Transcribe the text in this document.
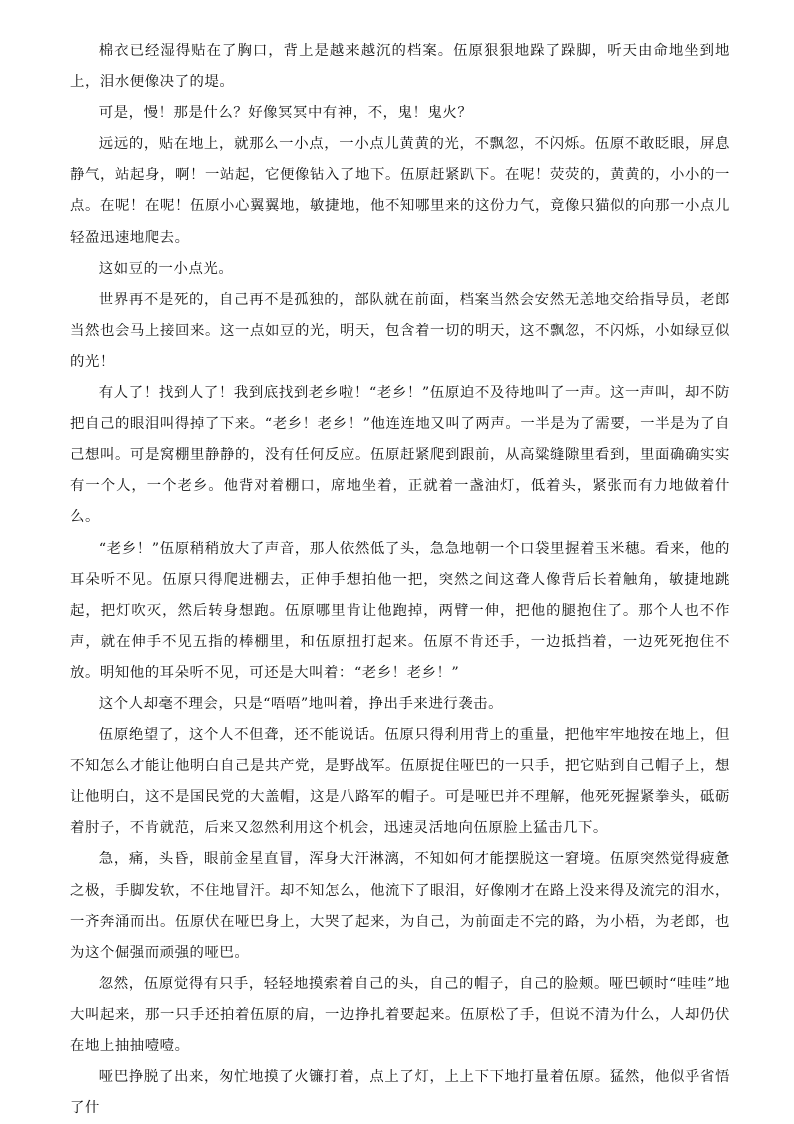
棉衣已经湿得贴在了胸口，背上是越来越沉的档案。伍原狠狠地跺了跺脚，听天由命地坐到地上，泪水便像决了的堤。

可是，慢！那是什么？好像冥冥中有神，不，鬼！鬼火？

远远的，贴在地上，就那么一小点，一小点儿黄黄的光，不飘忽，不闪烁。伍原不敢眨眼，屏息静气，站起身，啊！一站起，它便像钻入了地下。伍原赶紧趴下。在呢！荧荧的，黄黄的，小小的一点。在呢！在呢！伍原小心翼翼地，敏捷地，他不知哪里来的这份力气，竟像只猫似的向那一小点儿轻盈迅速地爬去。

这如豆的一小点光。

世界再不是死的，自己再不是孤独的，部队就在前面，档案当然会安然无恙地交给指导员，老郎当然也会马上接回来。这一点如豆的光，明天，包含着一切的明天，这不飘忽，不闪烁，小如绿豆似的光！

有人了！找到人了！我到底找到老乡啦！“老乡！”伍原迫不及待地叫了一声。这一声叫，却不防把自己的眼泪叫得掉了下来。“老乡！老乡！”他连连地又叫了两声。一半是为了需要，一半是为了自己想叫。可是窝棚里静静的，没有任何反应。伍原赶紧爬到跟前，从高粱缝隙里看到，里面确确实实有一个人，一个老乡。他背对着棚口，席地坐着，正就着一盏油灯，低着头，紧张而有力地做着什么。

“老乡！”伍原稍稍放大了声音，那人依然低了头，急急地朝一个口袋里握着玉米穗。看来，他的耳朵听不见。伍原只得爬进棚去，正伸手想拍他一把，突然之间这聋人像背后长着触角，敏捷地跳起，把灯吹灭，然后转身想跑。伍原哪里肯让他跑掉，两臂一伸，把他的腿抱住了。那个人也不作声，就在伸手不见五指的棒棚里，和伍原扭打起来。伍原不肯还手，一边抵挡着，一边死死抱住不放。明知他的耳朵听不见，可还是大叫着：“老乡！老乡！”

这个人却毫不理会，只是“唔唔”地叫着，挣出手来进行袭击。

伍原绝望了，这个人不但聋，还不能说话。伍原只得利用背上的重量，把他牢牢地按在地上，但不知怎么才能让他明白自己是共产党，是野战军。伍原捉住哑巴的一只手，把它贴到自己帽子上，想让他明白，这不是国民党的大盖帽，这是八路军的帽子。可是哑巴并不理解，他死死握紧拳头，砥砺着肘子，不肯就范，后来又忽然利用这个机会，迅速灵活地向伍原脸上猛击几下。

急，痛，头昏，眼前金星直冒，浑身大汗淋漓，不知如何才能摆脱这一窘境。伍原突然觉得疲惫之极，手脚发软，不住地冒汗。却不知怎么，他流下了眼泪，好像刚才在路上没来得及流完的泪水，一齐奔涌而出。伍原伏在哑巴身上，大哭了起来，为自己，为前面走不完的路，为小梧，为老郎，也为这个倔强而顽强的哑巴。

忽然，伍原觉得有只手，轻轻地摸索着自己的头，自己的帽子，自己的脸颊。哑巴顿时“哇哇”地大叫起来，那一只手还拍着伍原的肩，一边挣扎着要起来。伍原松了手，但说不清为什么，人却仍伏在地上抽抽噎噎。

哑巴挣脱了出来，匆忙地摸了火镰打着，点上了灯，上上下下地打量着伍原。猛然，他似乎省悟了什
